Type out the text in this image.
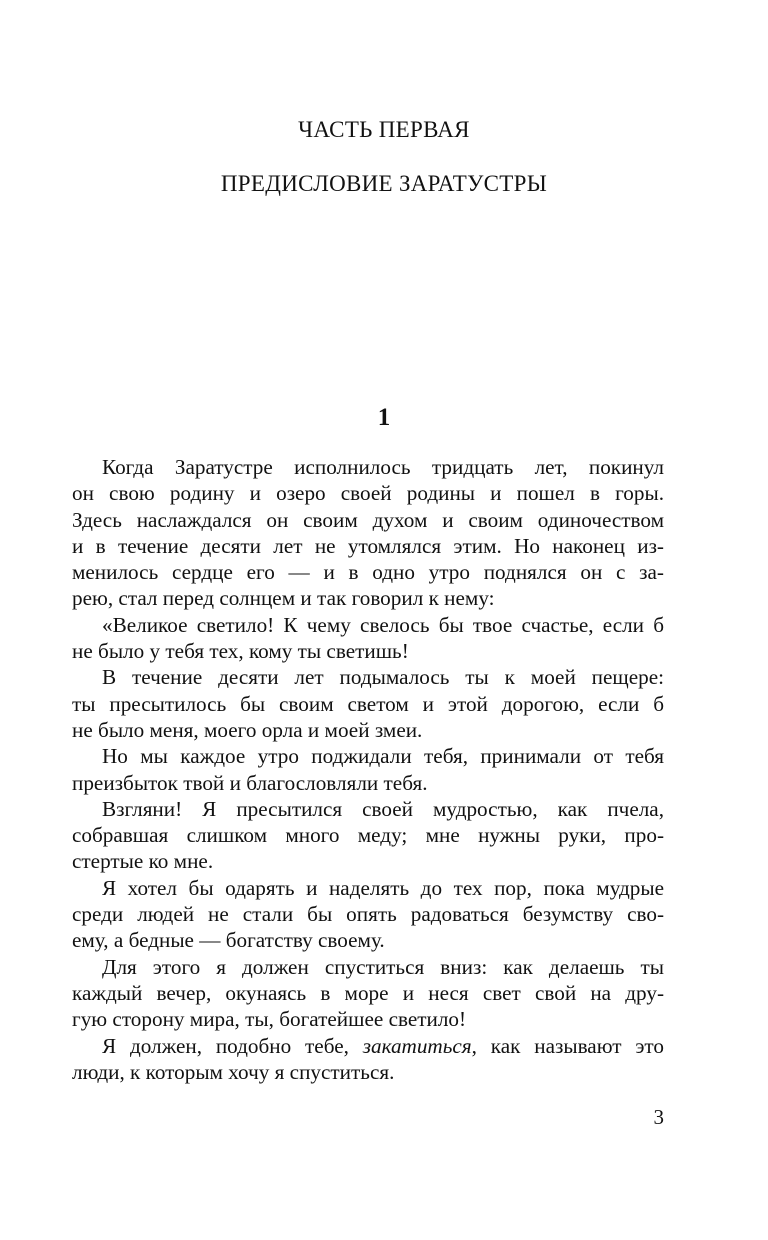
ЧАСТЬ ПЕРВАЯ
ПРЕДИСЛОВИЕ ЗАРАТУСТРЫ
1

Когда Заратустре исполнилось тридцать лет, покинул
он свою родину и озеро своей родины и пошел в горы.
Здесь наслаждался он своим духом и своим одиночеством
и в течение десяти лет не утомлялся этим. Но наконец из-
менилось сердце его — и в одно утро поднялся он с за-
рею, стал перед солнцем и так говорил к нему:

«Великое светило! К чему свелось бы твое счастье, если б
не было у тебя тех, кому ты светишь!

В течение десяти лет подымалось ты к моей пещере:
ты пресытилось бы своим светом и этой дорогою, если б
не было меня, моего орла и моей змеи.

Но мы каждое утро поджидали тебя, принимали от тебя
преизбыток твой и благословляли тебя.

Взгляни! Я пресытился своей мудростью, как пчела,
собравшая слишком много меду; мне нужны руки, про-
стертые ко мне.

Я хотел бы одарять и наделять до тех пор, пока мудрые
среди людей не стали бы опять радоваться безумству сво-
ему, а бедные — богатству своему.

Для этого я должен спуститься вниз: как делаешь ты
каждый вечер, окунаясь в море и неся свет свой на дру-
гую сторону мира, ты, богатейшее светило!

Я должен, подобно тебе, закатиться, как называют это
люди, к которым хочу я спуститься.

3
